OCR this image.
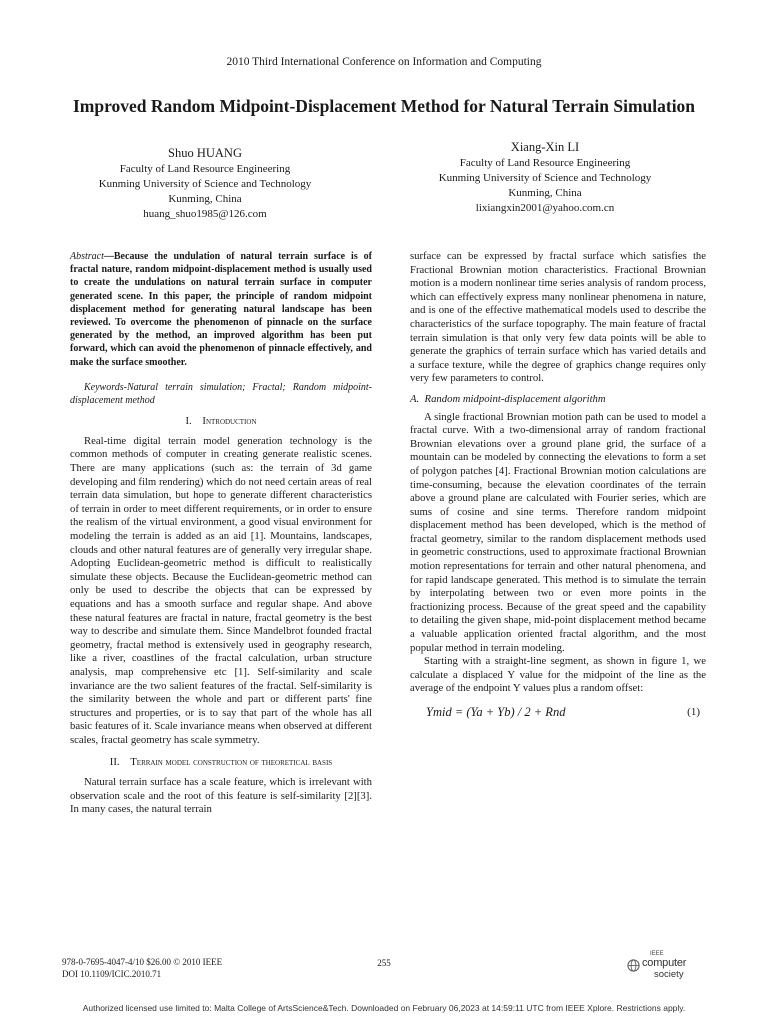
2010 Third International Conference on Information and Computing
Improved Random Midpoint-Displacement Method for Natural Terrain Simulation
Shuo HUANG
Faculty of Land Resource Engineering
Kunming University of Science and Technology
Kunming, China
huang_shuo1985@126.com
Xiang-Xin LI
Faculty of Land Resource Engineering
Kunming University of Science and Technology
Kunming, China
lixiangxin2001@yahoo.com.cn

Abstract—Because the undulation of natural terrain surface is of fractal nature, random midpoint-displacement method is usually used to create the undulations on natural terrain surface in computer generated scene. In this paper, the principle of random midpoint displacement method for generating natural landscape has been reviewed. To overcome the phenomenon of pinnacle on the surface generated by the method, an improved algorithm has been put forward, which can avoid the phenomenon of pinnacle effectively, and make the surface smoother.

Keywords-Natural terrain simulation; Fractal; Random midpoint-displacement method

I. Introduction

Real-time digital terrain model generation technology is the common methods of computer in creating generate realistic scenes. There are many applications (such as: the terrain of 3d game developing and film rendering) which do not need certain areas of real terrain data simulation, but hope to generate different characteristics of terrain in order to meet different requirements, or in order to ensure the realism of the virtual environment, a good visual environment for modeling the terrain is added as an aid [1]. Mountains, landscapes, clouds and other natural features are of generally very irregular shape. Adopting Euclidean-geometric method is difficult to realistically simulate these objects. Because the Euclidean-geometric method can only be used to describe the objects that can be expressed by equations and has a smooth surface and regular shape. And above these natural features are fractal in nature, fractal geometry is the best way to describe and simulate them. Since Mandelbrot founded fractal geometry, fractal method is extensively used in geography research, like a river, coastlines of the fractal calculation, urban structure analysis, map comprehensive etc [1]. Self-similarity and scale invariance are the two salient features of the fractal. Self-similarity is the similarity between the whole and part or different parts' fine structures and properties, or is to say that part of the whole has all basic features of it. Scale invariance means when observed at different scales, fractal geometry has scale symmetry.

II. Terrain model construction of theoretical basis

Natural terrain surface has a scale feature, which is irrelevant with observation scale and the root of this feature is self-similarity [2][3]. In many cases, the natural terrain

surface can be expressed by fractal surface which satisfies the Fractional Brownian motion characteristics. Fractional Brownian motion is a modern nonlinear time series analysis of random process, which can effectively express many nonlinear phenomena in nature, and is one of the effective mathematical models used to describe the characteristics of the surface topography. The main feature of fractal terrain simulation is that only very few data points will be able to generate the graphics of terrain surface which has varied details and a surface texture, while the degree of graphics change requires only very few parameters to control.

A. Random midpoint-displacement algorithm

A single fractional Brownian motion path can be used to model a fractal curve. With a two-dimensional array of random fractional Brownian elevations over a ground plane grid, the surface of a mountain can be modeled by connecting the elevations to form a set of polygon patches [4]. Fractional Brownian motion calculations are time-consuming, because the elevation coordinates of the terrain above a ground plane are calculated with Fourier series, which are sums of cosine and sine terms. Therefore random midpoint displacement method has been developed, which is the method of fractal geometry, similar to the random displacement methods used in geometric constructions, used to approximate fractional Brownian motion representations for terrain and other natural phenomena, and for rapid landscape generated. This method is to simulate the terrain by interpolating between two or even more points in the fractionizing process. Because of the great speed and the capability to detailing the given shape, mid-point displacement method became a valuable application oriented fractal algorithm, and the most popular method in terrain modeling.

Starting with a straight-line segment, as shown in figure 1, we calculate a displaced Y value for the midpoint of the line as the average of the endpoint Y values plus a random offset:

Ymid = (Ya + Yb) / 2 + Rnd	(1)
978-0-7695-4047-4/10 $26.00 © 2010 IEEE
DOI 10.1109/ICIC.2010.71
255
IEEE
computer
society
Authorized licensed use limited to: Malta College of ArtsScience&Tech. Downloaded on February 06,2023 at 14:59:11 UTC from IEEE Xplore. Restrictions apply.
